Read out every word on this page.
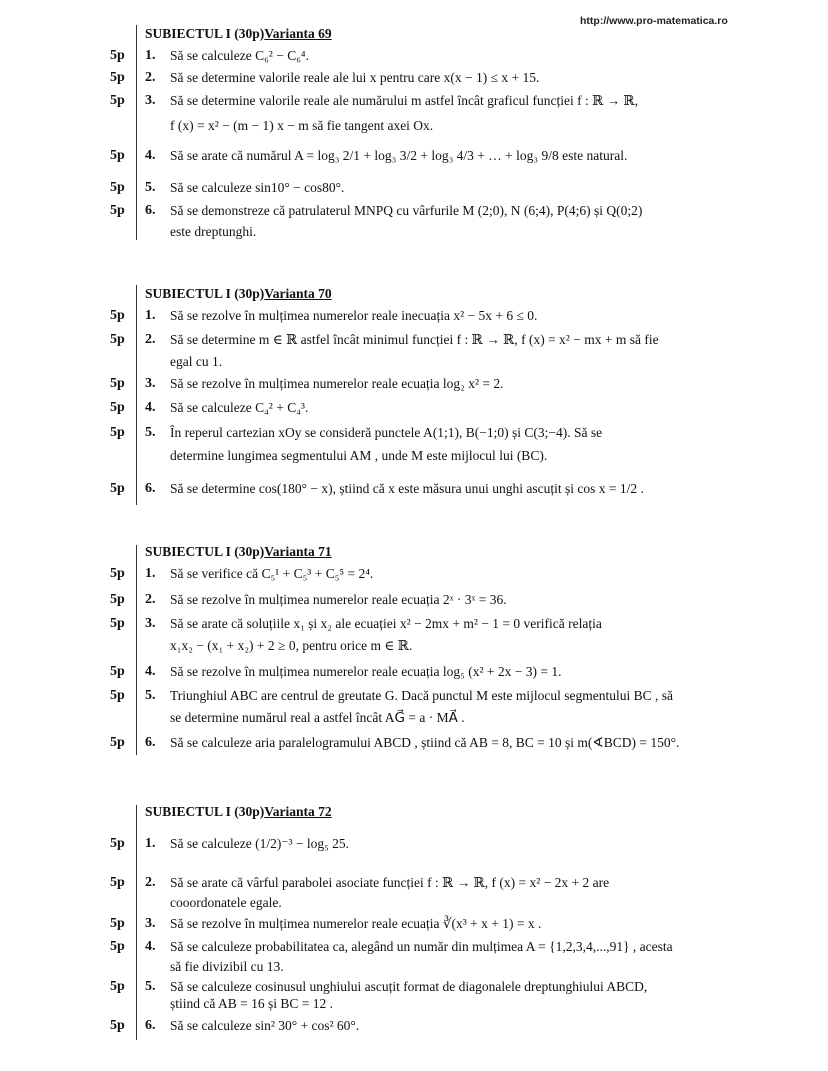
http://www.pro-matematica.ro
SUBIECTUL I (30p)Varianta 69
5p 1. Să se calculeze C₆² − C₆⁴.
5p 2. Să se determine valorile reale ale lui x pentru care x(x − 1) ≤ x + 15.
5p 3. Să se determine valorile reale ale numărului m astfel încât graficul funcției f : ℝ → ℝ,
f (x) = x² − (m − 1) x − m să fie tangent axei Ox.
5p 4. Să se arate că numărul A = log₃ 2/1 + log₃ 3/2 + log₃ 4/3 + … + log₃ 9/8 este natural.
5p 5. Să se calculeze sin10° − cos80°.
5p 6. Să se demonstreze că patrulaterul MNPQ cu vârfurile M (2;0), N (6;4), P(4;6) și Q(0;2)
este dreptunghi.
SUBIECTUL I (30p)Varianta 70
5p 1. Să se rezolve în mulțimea numerelor reale inecuația x² − 5x + 6 ≤ 0.
5p 2. Să se determine m ∈ ℝ astfel încât minimul funcției f : ℝ → ℝ, f (x) = x² − mx + m să fie
egal cu 1.
5p 3. Să se rezolve în mulțimea numerelor reale ecuația log₂ x² = 2.
5p 4. Să se calculeze C₄² + C₄³.
5p 5. În reperul cartezian xOy se consideră punctele A(1;1), B(−1;0) și C(3;−4). Să se
determine lungimea segmentului AM , unde M este mijlocul lui (BC).
5p 6. Să se determine cos(180° − x), știind că x este măsura unui unghi ascuțit și cos x = 1/2 .
SUBIECTUL I (30p)Varianta 71
5p 1. Să se verifice că C₅¹ + C₅³ + C₅⁵ = 2⁴.
5p 2. Să se rezolve în mulțimea numerelor reale ecuația 2ˣ · 3ˣ = 36.
5p 3. Să se arate că soluțiile x₁ și x₂ ale ecuației x² − 2mx + m² − 1 = 0 verifică relația
x₁x₂ − (x₁ + x₂) + 2 ≥ 0, pentru orice m ∈ ℝ.
5p 4. Să se rezolve în mulțimea numerelor reale ecuația log₅ (x² + 2x − 3) = 1.
5p 5. Triunghiul ABC are centrul de greutate G. Dacă punctul M este mijlocul segmentului BC , să
se determine numărul real a astfel încât AG⃗ = a · MA⃗ .
5p 6. Să se calculeze aria paralelogramului ABCD , știind că AB = 8, BC = 10 și m(∢BCD) = 150°.
SUBIECTUL I (30p)Varianta 72
5p 1. Să se calculeze (1/2)⁻³ − log₅ 25.
5p 2. Să se arate că vârful parabolei asociate funcției f : ℝ → ℝ, f (x) = x² − 2x + 2 are
cooordonatele egale.
5p 3. Să se rezolve în mulțimea numerelor reale ecuația ∛(x³ + x + 1) = x .
5p 4. Să se calculeze probabilitatea ca, alegând un număr din mulțimea A = {1,2,3,4,...,91} , acesta
să fie divizibil cu 13.
5p 5. Să se calculeze cosinusul unghiului ascuțit format de diagonalele dreptunghiului ABCD,
știind că AB = 16 și BC = 12 .
5p 6. Să se calculeze sin² 30° + cos² 60°.
